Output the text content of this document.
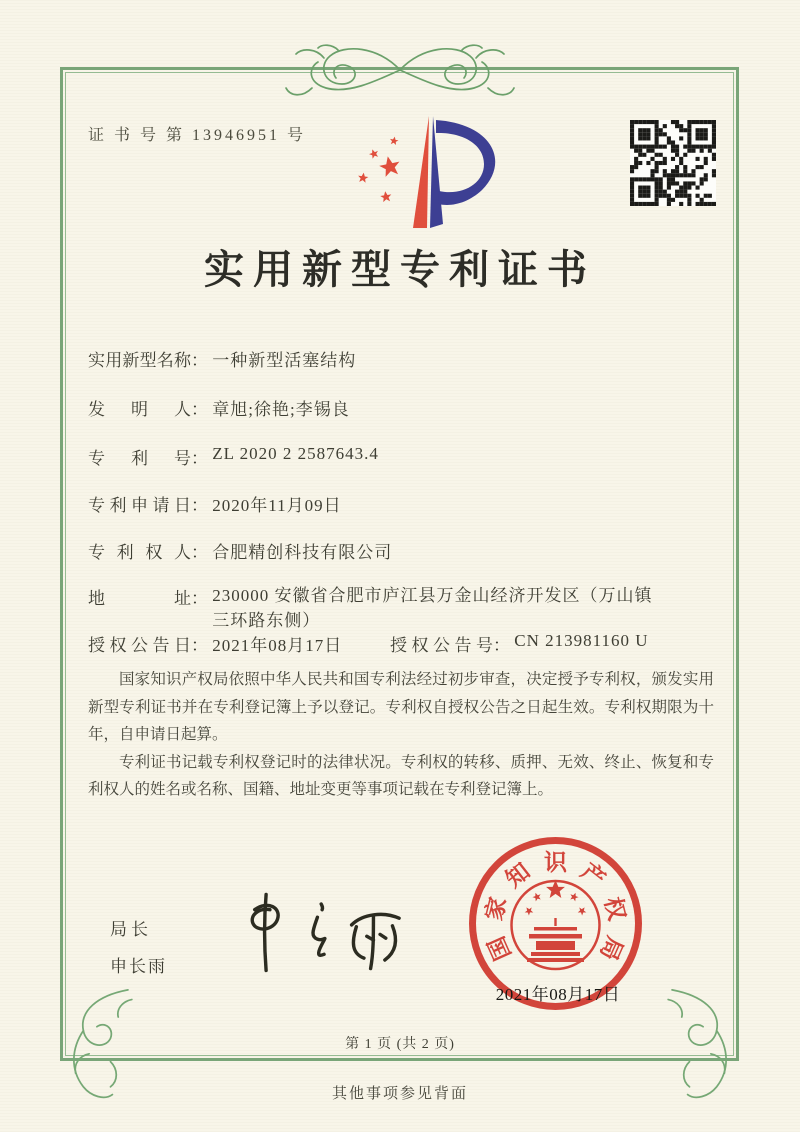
证 书 号 第 13946951 号
实用新型专利证书
实用新型名称： 一种新型活塞结构
发明人： 章旭;徐艳;李锡良
专利号： ZL 2020 2 2587643.4
专利申请日： 2020年11月09日
专利权人： 合肥精创科技有限公司
地址： 230000 安徽省合肥市庐江县万金山经济开发区（万山镇三环路东侧）
授权公告日： 2021年08月17日	授权公告号： CN 213981160 U

国家知识产权局依照中华人民共和国专利法经过初步审查，决定授予专利权，颁发实用新型专利证书并在专利登记簿上予以登记。专利权自授权公告之日起生效。专利权期限为十年，自申请日起算。

专利证书记载专利权登记时的法律状况。专利权的转移、质押、无效、终止、恢复和专利权人的姓名或名称、国籍、地址变更等事项记载在专利登记簿上。

局长
申长雨
国
家
知 识 产
权
局
2021年08月17日
第 1 页 (共 2 页)
其他事项参见背面
